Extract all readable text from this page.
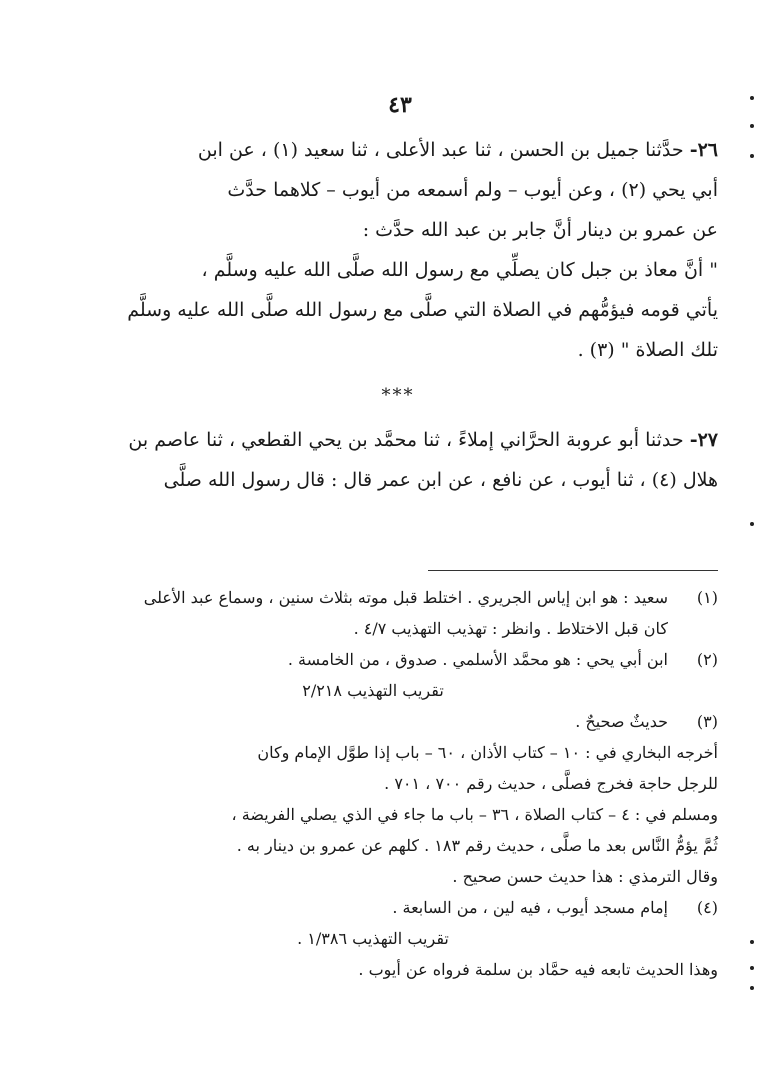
٤٣
٢٦- حدَّثنا جميل بن الحسن ، ثنا عبد الأعلى ، ثنا سعيد (١) ، عن ابن
أبي يحي (٢) ، وعن أيوب – ولم أسمعه من أيوب – كلاهما حدَّث
عن عمرو بن دينار أنَّ جابر بن عبد الله حدَّث :
" أنَّ معاذ بن جبل كان يصلِّي مع رسول الله صلَّى الله عليه وسلَّم ،
يأتي قومه فيؤمُّهم في الصلاة التي صلَّى مع رسول الله صلَّى الله عليه وسلَّم
تلك الصلاة " (٣) .
***
٢٧- حدثنا أبو عروبة الحرَّاني إملاءً ، ثنا محمَّد بن يحي القطعي ، ثنا عاصم بن
هلال (٤) ، ثنا أيوب ، عن نافع ، عن ابن عمر قال : قال رسول الله صلَّى
(١)
سعيد : هو ابن إياس الجريري . اختلط قبل موته بثلاث سنين ، وسماع عبد الأعلى
كان قبل الاختلاط . وانظر : تهذيب التهذيب ٤/٧ .
(٢)
ابن أبي يحي : هو محمَّد الأسلمي . صدوق ، من الخامسة .
تقريب التهذيب ٢/٢١٨
(٣)
حديثٌ صحيحٌ .
أخرجه البخاري في : ١٠ – كتاب الأذان ، ٦٠ – باب إذا طوَّل الإمام وكان
للرجل حاجة فخرج فصلَّى ، حديث رقم ٧٠٠ ، ٧٠١ .
ومسلم في : ٤ – كتاب الصلاة ، ٣٦ – باب ما جاء في الذي يصلي الفريضة ،
ثُمَّ يؤمُّ النَّاس بعد ما صلَّى ، حديث رقم ١٨٣ . كلهم عن عمرو بن دينار به .
وقال الترمذي : هذا حديث حسن صحيح .
(٤)
إمام مسجد أيوب ، فيه لين ، من السابعة .
تقريب التهذيب ١/٣٨٦ .
وهذا الحديث تابعه فيه حمَّاد بن سلمة فرواه عن أيوب .
